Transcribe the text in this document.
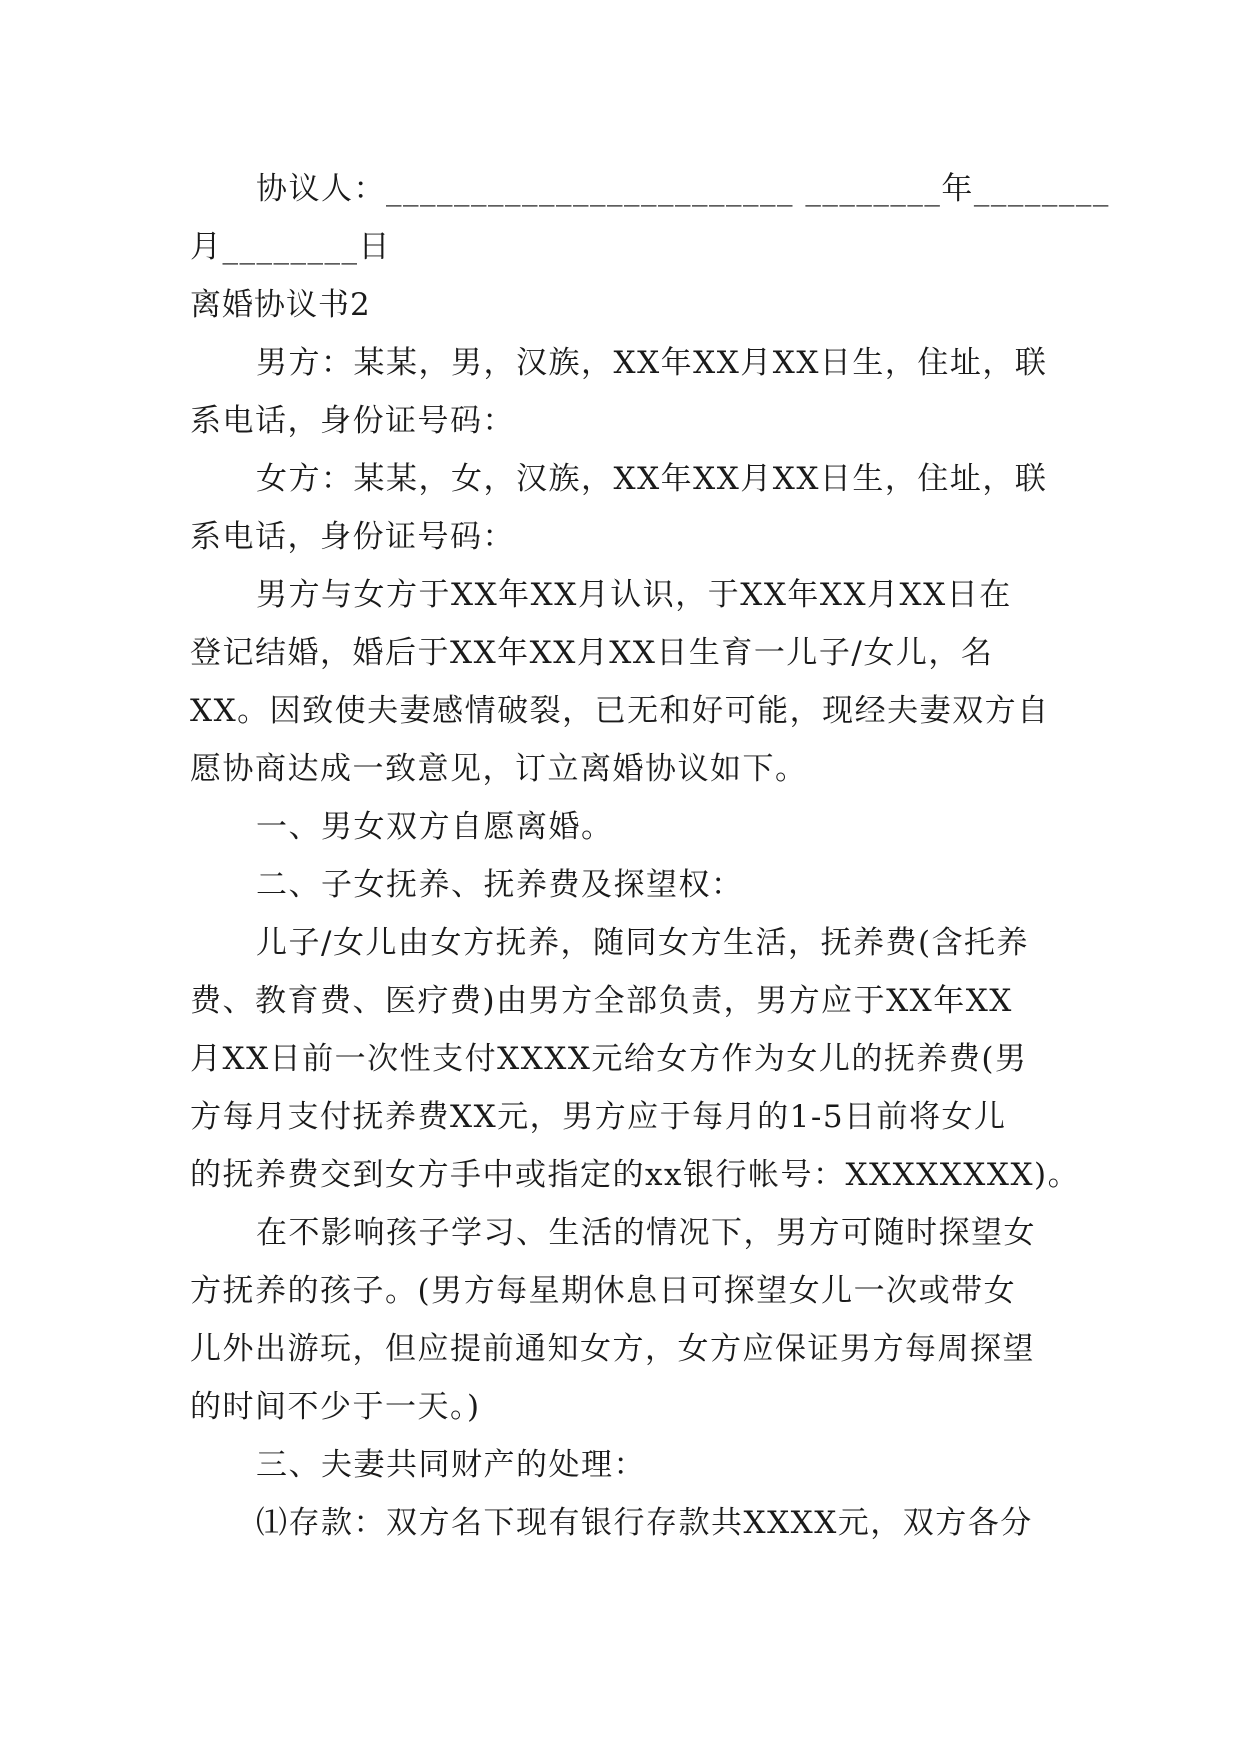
协议人：________________________ ________年________
月________日
离婚协议书2
男方：某某，男，汉族，XX年XX月XX日生，住址，联
系电话，身份证号码：
女方：某某，女，汉族，XX年XX月XX日生，住址，联
系电话，身份证号码：
男方与女方于XX年XX月认识，于XX年XX月XX日在
登记结婚，婚后于XX年XX月XX日生育一儿子/女儿，名
XX。因致使夫妻感情破裂，已无和好可能，现经夫妻双方自
愿协商达成一致意见，订立离婚协议如下。
一、男女双方自愿离婚。
二、子女抚养、抚养费及探望权：
儿子/女儿由女方抚养，随同女方生活，抚养费(含托养
费、教育费、医疗费)由男方全部负责，男方应于XX年XX
月XX日前一次性支付XXXX元给女方作为女儿的抚养费(男
方每月支付抚养费XX元，男方应于每月的1-5日前将女儿
的抚养费交到女方手中或指定的xx银行帐号：XXXXXXXX)。
在不影响孩子学习、生活的情况下，男方可随时探望女
方抚养的孩子。(男方每星期休息日可探望女儿一次或带女
儿外出游玩，但应提前通知女方，女方应保证男方每周探望
的时间不少于一天。)
三、夫妻共同财产的处理：
⑴存款：双方名下现有银行存款共XXXX元，双方各分
